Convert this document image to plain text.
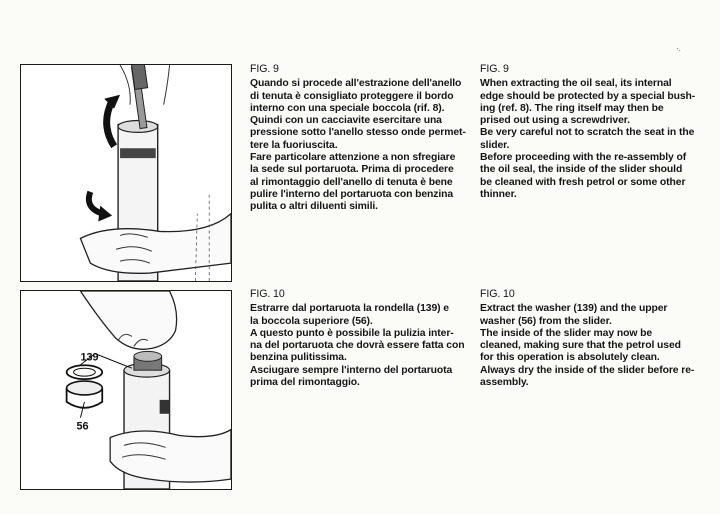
FIG. 9
Quando si procede all'estrazione dell'anello
di tenuta è consigliato proteggere il bordo
interno con una speciale boccola (rif. 8).
Quindi con un cacciavite esercitare una
pressione sotto l'anello stesso onde permet-
tere la fuoriuscita.
Fare particolare attenzione a non sfregiare
la sede sul portaruota. Prima di procedere
al rimontaggio dell'anello di tenuta è bene
pulire l'interno del portaruota con benzina
pulita o altri diluenti simili.
FIG. 9
When extracting the oil seal, its internal
edge should be protected by a special bush-
ing (ref. 8). The ring itself may then be
prised out using a screwdriver.
Be very careful not to scratch the seat in the
slider.
Before proceeding with the re-assembly of
the oil seal, the inside of the slider should
be cleaned with fresh petrol or some other
thinner.
139
56
FIG. 10
Estrarre dal portaruota la rondella (139) e
la boccola superiore (56).
A questo punto è possibile la pulizia inter-
na del portaruota che dovrà essere fatta con
benzina pulitissima.
Asciugare sempre l'interno del portaruota
prima del rimontaggio.
FIG. 10
Extract the washer (139) and the upper
washer (56) from the slider.
The inside of the slider may now be
cleaned, making sure that the petrol used
for this operation is absolutely clean.
Always dry the inside of the slider before re-
assembly.
·.
